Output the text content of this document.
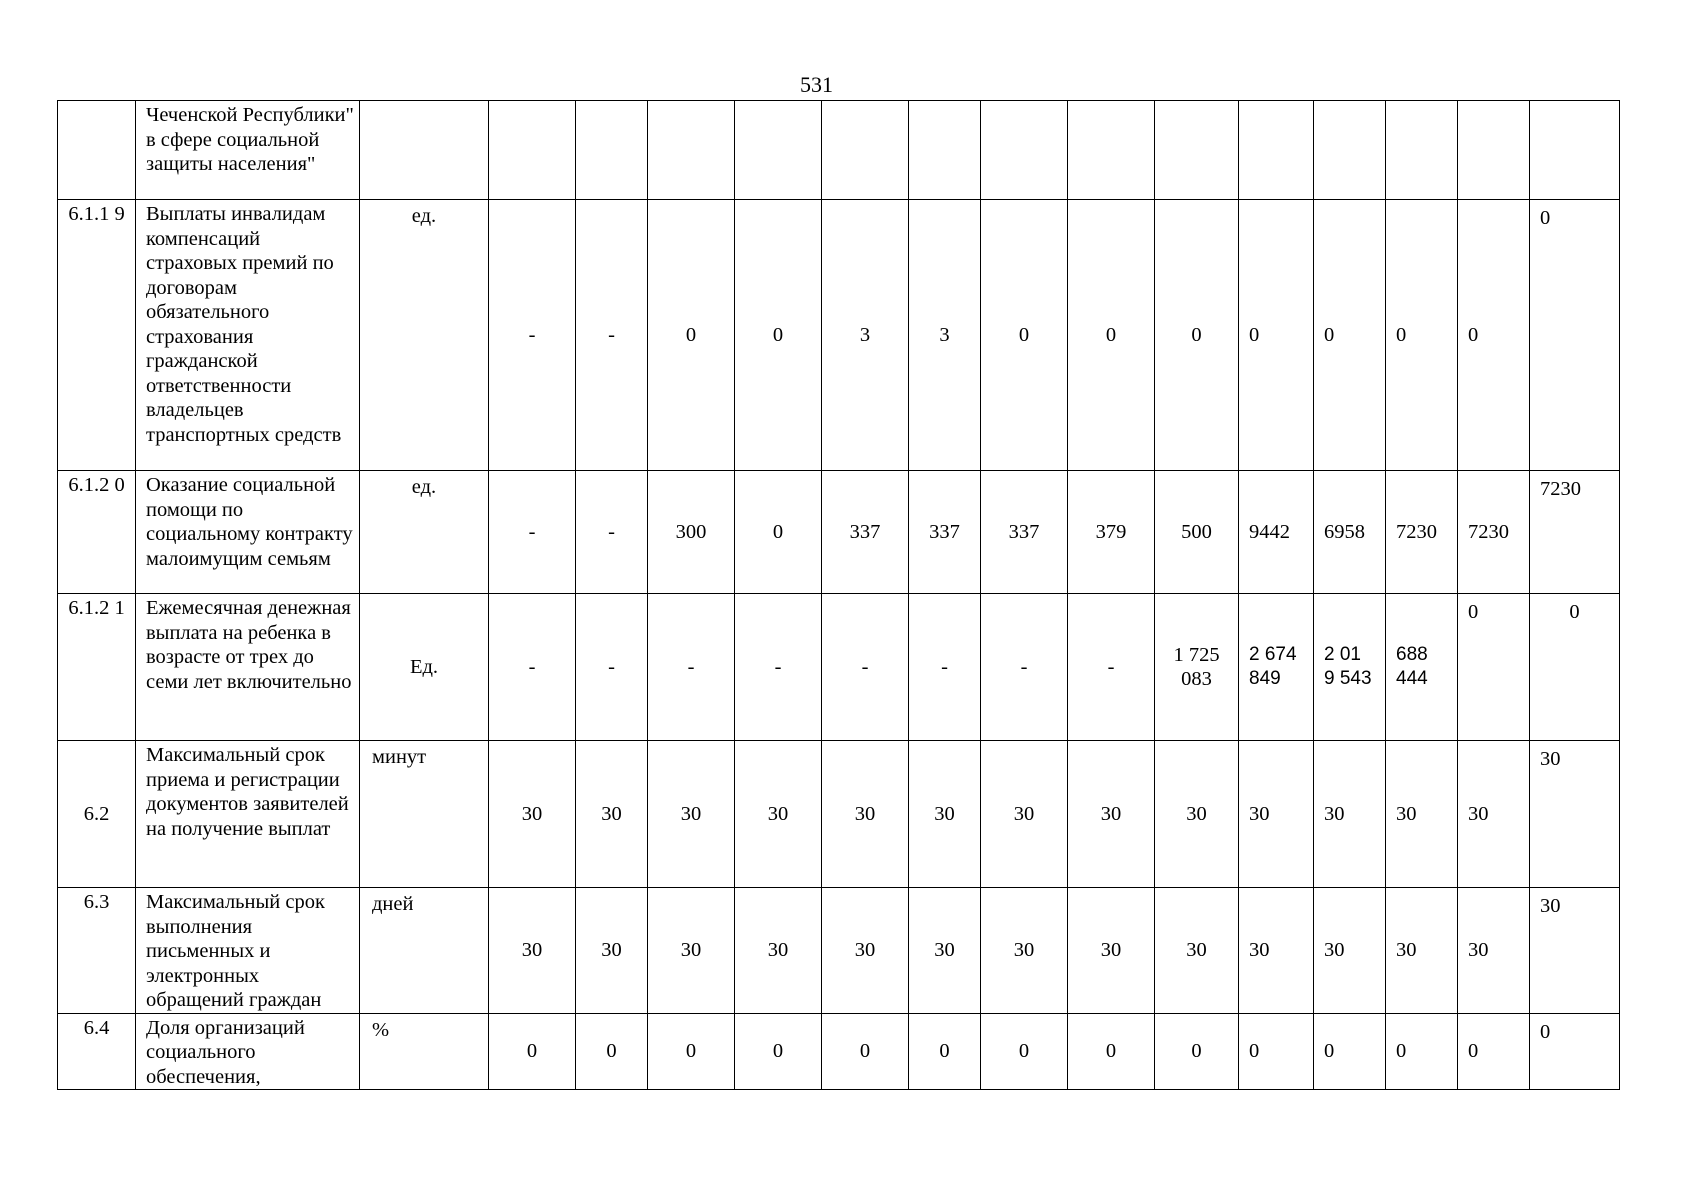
531
	Чеченской Республики" в сфере социальной защиты населения"															
6.1.1 9	Выплаты инвалидам компенсаций страховых премий по договорам обязательного страхования гражданской ответственности владельцев транспортных средств	ед.	-	-	0	0	3	3	0	0	0	0	0	0	0	0
6.1.2 0	Оказание социальной помощи по социальному контракту малоимущим семьям	ед.	-	-	300	0	337	337	337	379	500	9442	6958	7230	7230	7230
6.1.2 1	Ежемесячная денежная выплата на ребенка в возрасте от трех до семи лет включительно	Ед.	-	-	-	-	-	-	-	-	1 725 083	2 674 849	2 01 9 543	688 444	0	0
6.2	Максимальный срок приема и регистрации документов заявителей на получение выплат	минут	30	30	30	30	30	30	30	30	30	30	30	30	30	30
6.3	Максимальный срок выполнения письменных и электронных обращений граждан	дней	30	30	30	30	30	30	30	30	30	30	30	30	30	30
6.4	Доля организаций социального обеспечения,	%	0	0	0	0	0	0	0	0	0	0	0	0	0	0
